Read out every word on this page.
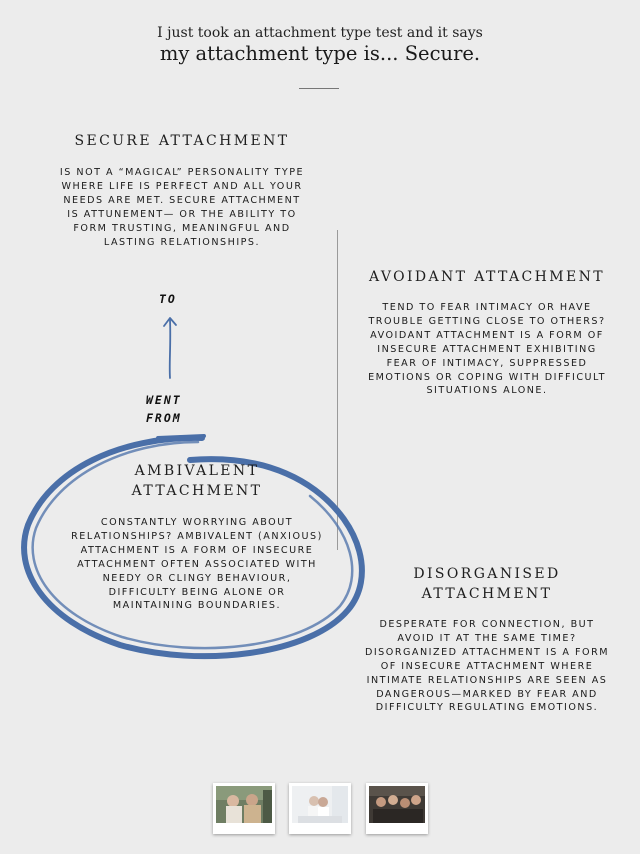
I just took an attachment type test and it says
my attachment type is... Secure.
SECURE ATTACHMENT
IS NOT A “MAGICAL” PERSONALITY TYPE WHERE LIFE IS PERFECT AND ALL YOUR NEEDS ARE MET. SECURE ATTACHMENT IS ATTUNEMENT— OR THE ABILITY TO FORM TRUSTING, MEANINGFUL AND LASTING RELATIONSHIPS.
TO
WENT
FROM
AMBIVALENT
ATTACHMENT
CONSTANTLY WORRYING ABOUT RELATIONSHIPS? AMBIVALENT (ANXIOUS) ATTACHMENT IS A FORM OF INSECURE ATTACHMENT OFTEN ASSOCIATED WITH NEEDY OR CLINGY BEHAVIOUR, DIFFICULTY BEING ALONE OR MAINTAINING BOUNDARIES.
AVOIDANT ATTACHMENT
TEND TO FEAR INTIMACY OR HAVE TROUBLE GETTING CLOSE TO OTHERS? AVOIDANT ATTACHMENT IS A FORM OF INSECURE ATTACHMENT EXHIBITING FEAR OF INTIMACY, SUPPRESSED EMOTIONS OR COPING WITH DIFFICULT SITUATIONS ALONE.
DISORGANISED
ATTACHMENT
DESPERATE FOR CONNECTION, BUT AVOID IT AT THE SAME TIME? DISORGANIZED ATTACHMENT IS A FORM OF INSECURE ATTACHMENT WHERE INTIMATE RELATIONSHIPS ARE SEEN AS DANGEROUS—MARKED BY FEAR AND DIFFICULTY REGULATING EMOTIONS.
